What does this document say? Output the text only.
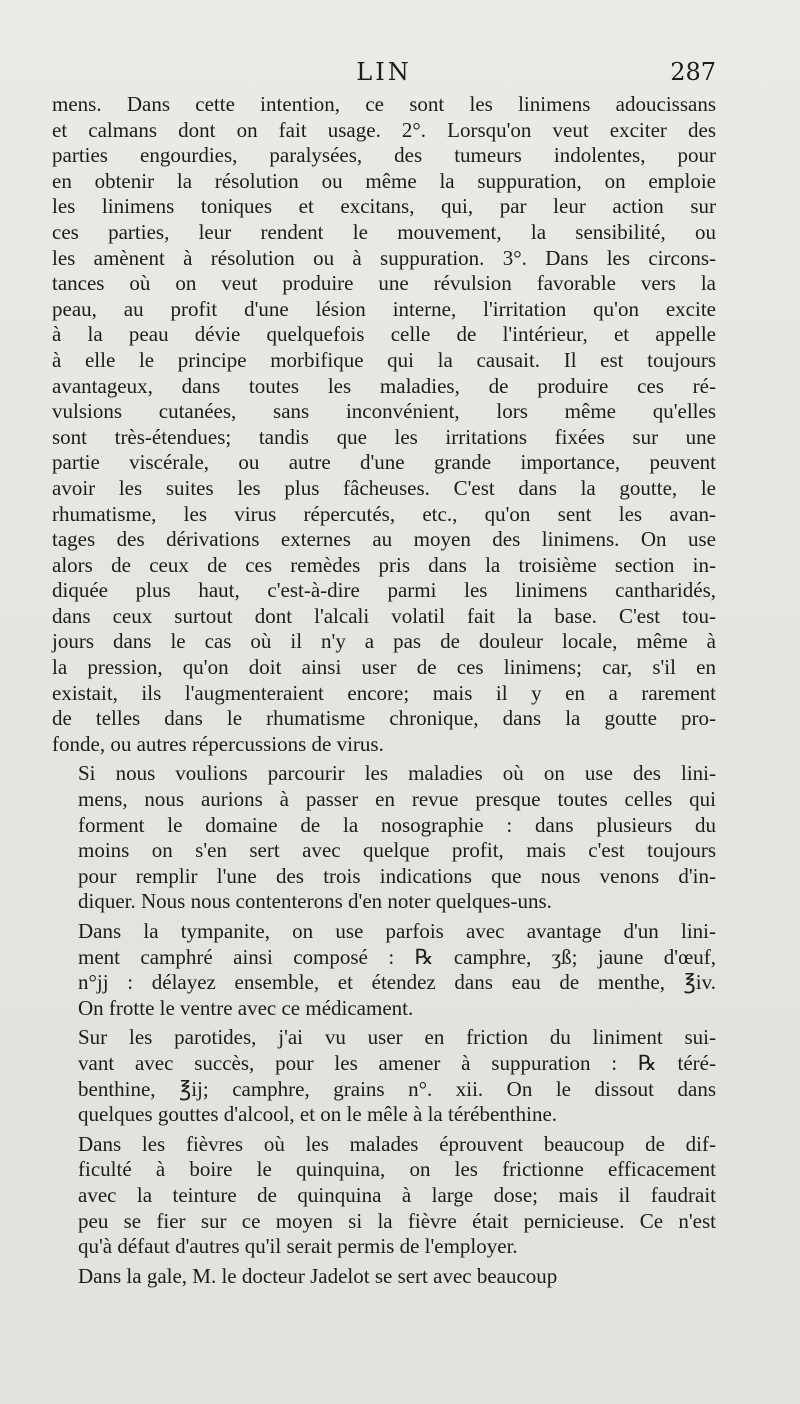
LIN	287
mens. Dans cette intention, ce sont les linimens adoucissans
et calmans dont on fait usage. 2°. Lorsqu'on veut exciter des
parties engourdies, paralysées, des tumeurs indolentes, pour
en obtenir la résolution ou même la suppuration, on emploie
les linimens toniques et excitans, qui, par leur action sur
ces parties, leur rendent le mouvement, la sensibilité, ou
les amènent à résolution ou à suppuration. 3°. Dans les circons-
tances où on veut produire une révulsion favorable vers la
peau, au profit d'une lésion interne, l'irritation qu'on excite
à la peau dévie quelquefois celle de l'intérieur, et appelle
à elle le principe morbifique qui la causait. Il est toujours
avantageux, dans toutes les maladies, de produire ces ré-
vulsions cutanées, sans inconvénient, lors même qu'elles
sont très-étendues; tandis que les irritations fixées sur une
partie viscérale, ou autre d'une grande importance, peuvent
avoir les suites les plus fâcheuses. C'est dans la goutte, le
rhumatisme, les virus répercutés, etc., qu'on sent les avan-
tages des dérivations externes au moyen des linimens. On use
alors de ceux de ces remèdes pris dans la troisième section in-
diquée plus haut, c'est-à-dire parmi les linimens cantharidés,
dans ceux surtout dont l'alcali volatil fait la base. C'est tou-
jours dans le cas où il n'y a pas de douleur locale, même à
la pression, qu'on doit ainsi user de ces linimens; car, s'il en
existait, ils l'augmenteraient encore; mais il y en a rarement
de telles dans le rhumatisme chronique, dans la goutte pro-
fonde, ou autres répercussions de virus.
Si nous voulions parcourir les maladies où on use des lini-
mens, nous aurions à passer en revue presque toutes celles qui
forment le domaine de la nosographie : dans plusieurs du
moins on s'en sert avec quelque profit, mais c'est toujours
pour remplir l'une des trois indications que nous venons d'in-
diquer. Nous nous contenterons d'en noter quelques-uns.
Dans la tympanite, on use parfois avec avantage d'un lini-
ment camphré ainsi composé : ℞ camphre, ʒß; jaune d'œuf,
n°jj : délayez ensemble, et étendez dans eau de menthe, ℥iv.
On frotte le ventre avec ce médicament.
Sur les parotides, j'ai vu user en friction du liniment sui-
vant avec succès, pour les amener à suppuration : ℞ téré-
benthine, ℥ij; camphre, grains n°. xii. On le dissout dans
quelques gouttes d'alcool, et on le mêle à la térébenthine.
Dans les fièvres où les malades éprouvent beaucoup de dif-
ficulté à boire le quinquina, on les frictionne efficacement
avec la teinture de quinquina à large dose; mais il faudrait
peu se fier sur ce moyen si la fièvre était pernicieuse. Ce n'est
qu'à défaut d'autres qu'il serait permis de l'employer.
Dans la gale, M. le docteur Jadelot se sert avec beaucoup
